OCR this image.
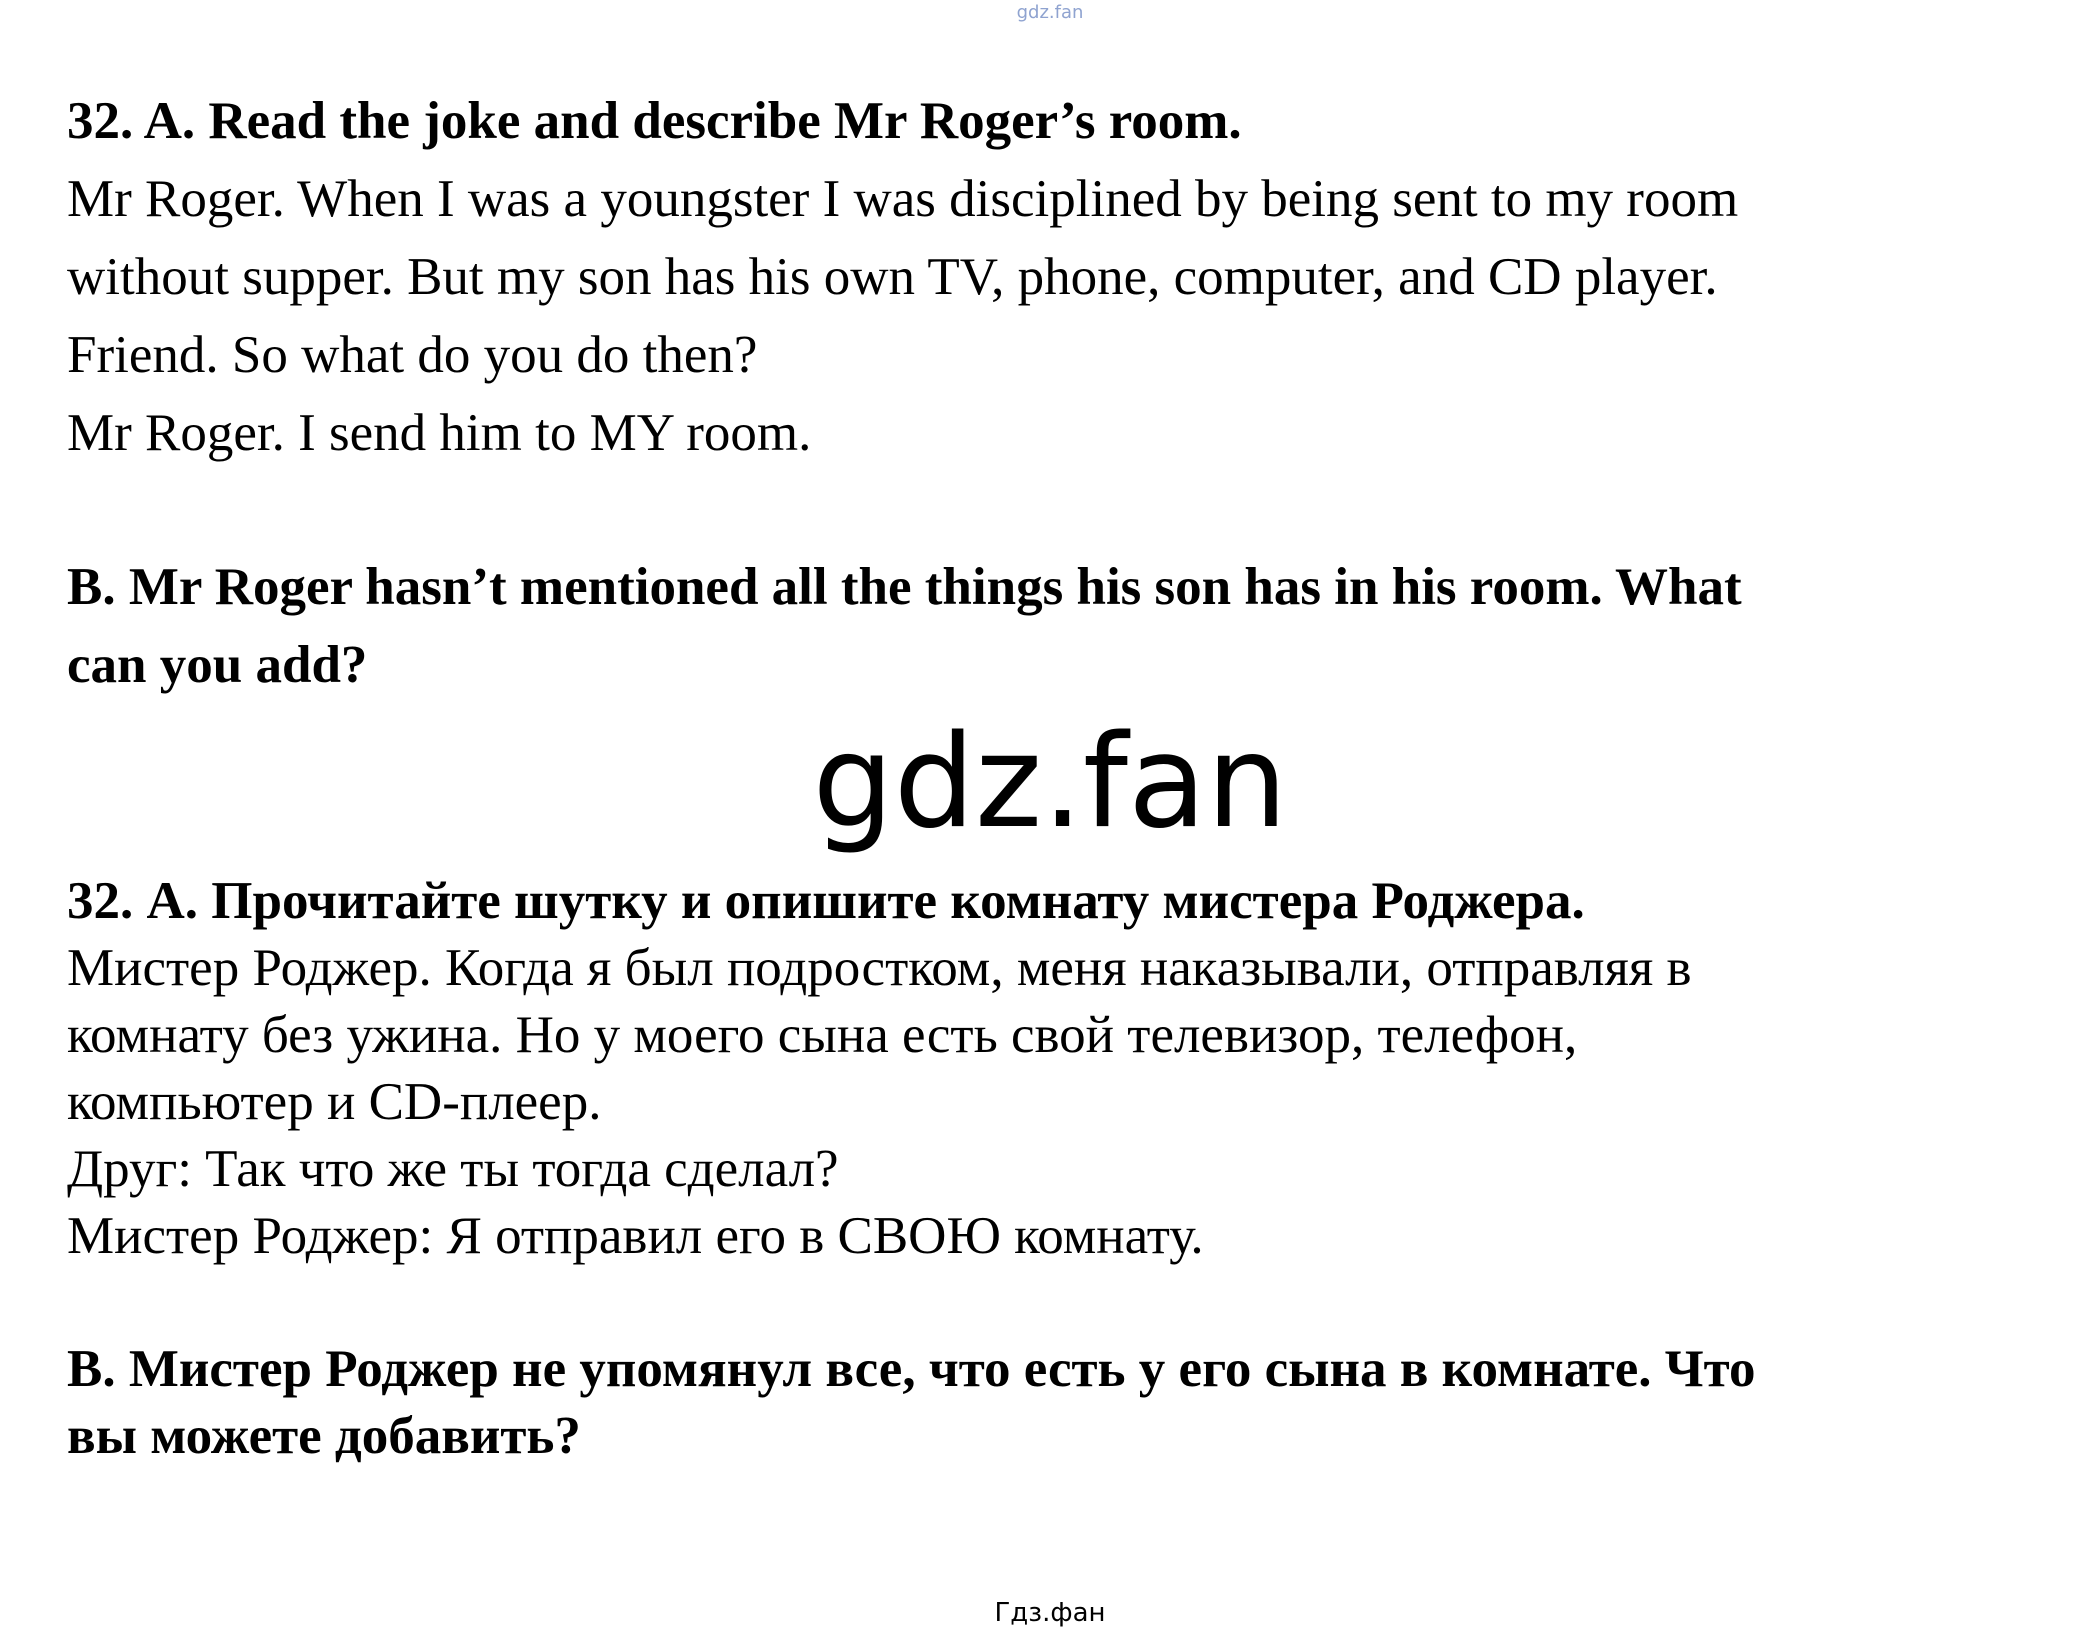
gdz.fan
32. A. Read the joke and describe Mr Roger’s room.
Mr Roger. When I was a youngster I was disciplined by being sent to my room
without supper. But my son has his own TV, phone, computer, and CD player.
Friend. So what do you do then?
Mr Roger. I send him to MY room.
B. Mr Roger hasn’t mentioned all the things his son has in his room. What
can you add?
gdz.fan
32. А. Прочитайте шутку и опишите комнату мистера Роджера.
Мистер Роджер. Когда я был подростком, меня наказывали, отправляя в
комнату без ужина. Но у моего сына есть свой телевизор, телефон,
компьютер и CD-плеер.
Друг: Так что же ты тогда сделал?
Мистер Роджер: Я отправил его в СВОЮ комнату.
B. Мистер Роджер не упомянул все, что есть у его сына в комнате. Что
вы можете добавить?
Гдз.фан
